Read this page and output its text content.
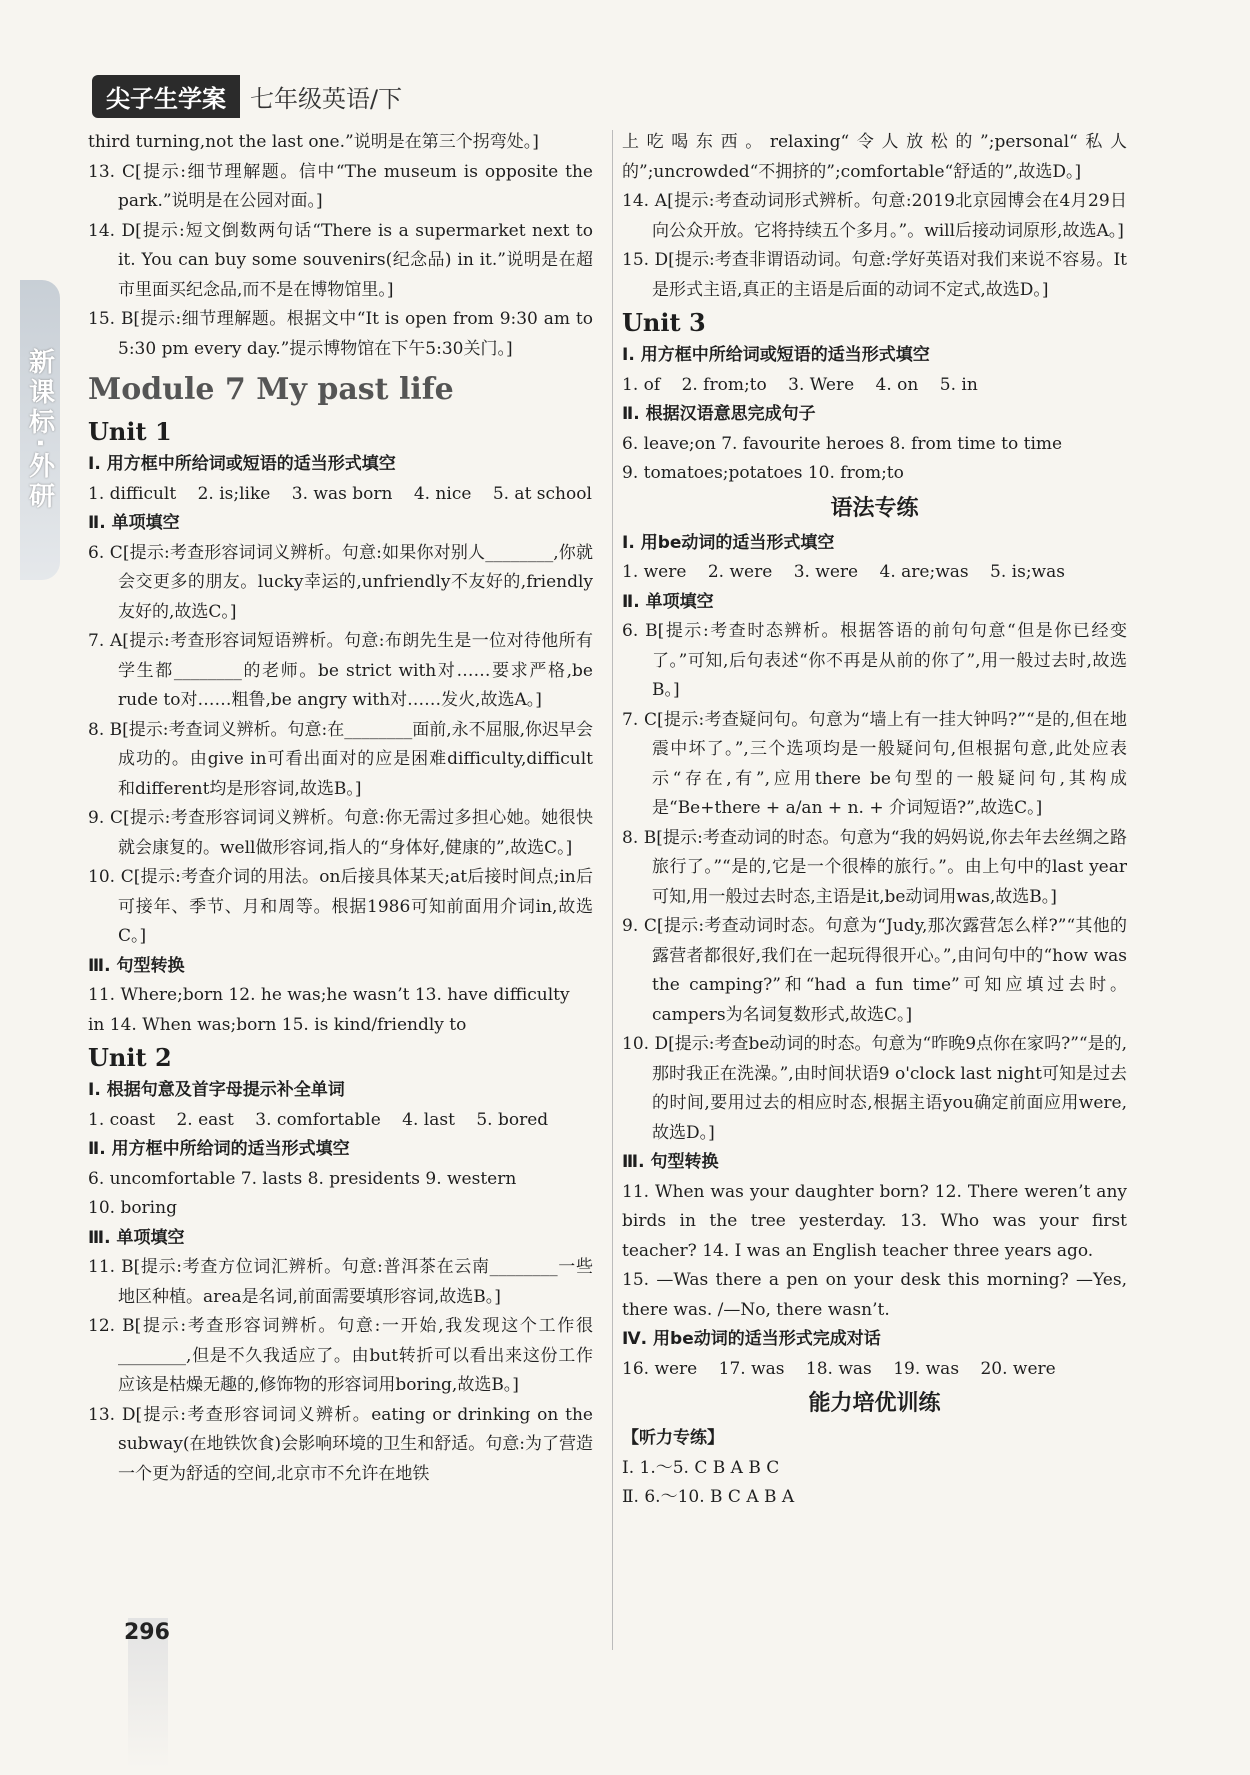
尖子生学案	七年级英语/下
新课标·外研

third turning,not the last one.”说明是在第三个拐弯处。]

13. C[提示:细节理解题。信中“The museum is opposite the park.”说明是在公园对面。]

14. D[提示:短文倒数两句话“There is a supermarket next to it. You can buy some souvenirs(纪念品) in it.”说明是在超市里面买纪念品,而不是在博物馆里。]

15. B[提示:细节理解题。根据文中“It is open from 9:30 am to 5:30 pm every day.”提示博物馆在下午5:30关门。]

Module 7 My past life

Unit 1

Ⅰ. 用方框中所给词或短语的适当形式填空

1. difficult 2. is;like 3. was born 4. nice 5. at school

Ⅱ. 单项填空

6. C[提示:考查形容词词义辨析。句意:如果你对别人________,你就会交更多的朋友。lucky幸运的,unfriendly不友好的,friendly友好的,故选C。]

7. A[提示:考查形容词短语辨析。句意:布朗先生是一位对待他所有学生都________的老师。be strict with对……要求严格,be rude to对……粗鲁,be angry with对……发火,故选A。]

8. B[提示:考查词义辨析。句意:在________面前,永不屈服,你迟早会成功的。由give in可看出面对的应是困难difficulty,difficult和different均是形容词,故选B。]

9. C[提示:考查形容词词义辨析。句意:你无需过多担心她。她很快就会康复的。well做形容词,指人的“身体好,健康的”,故选C。]

10. C[提示:考查介词的用法。on后接具体某天;at后接时间点;in后可接年、季节、月和周等。根据1986可知前面用介词in,故选C。]

Ⅲ. 句型转换

11. Where;born 12. he was;he wasn’t 13. have difficulty

in 14. When was;born 15. is kind/friendly to

Unit 2

Ⅰ. 根据句意及首字母提示补全单词

1. coast 2. east 3. comfortable 4. last 5. bored

Ⅱ. 用方框中所给词的适当形式填空

6. uncomfortable 7. lasts 8. presidents 9. western

10. boring

Ⅲ. 单项填空

11. B[提示:考查方位词汇辨析。句意:普洱茶在云南________一些地区种植。area是名词,前面需要填形容词,故选B。]

12. B[提示:考查形容词辨析。句意:一开始,我发现这个工作很________,但是不久我适应了。由but转折可以看出来这份工作应该是枯燥无趣的,修饰物的形容词用boring,故选B。]

13. D[提示:考查形容词词义辨析。eating or drinking on the subway(在地铁饮食)会影响环境的卫生和舒适。句意:为了营造一个更为舒适的空间,北京市不允许在地铁

上吃喝东西。relaxing“令人放松的”;personal“私人的”;uncrowded“不拥挤的”;comfortable“舒适的”,故选D。]

14. A[提示:考查动词形式辨析。句意:2019北京园博会在4月29日向公众开放。它将持续五个多月。”。will后接动词原形,故选A。]

15. D[提示:考查非谓语动词。句意:学好英语对我们来说不容易。It是形式主语,真正的主语是后面的动词不定式,故选D。]

Unit 3

Ⅰ. 用方框中所给词或短语的适当形式填空

1. of 2. from;to 3. Were 4. on 5. in

Ⅱ. 根据汉语意思完成句子

6. leave;on 7. favourite heroes 8. from time to time

9. tomatoes;potatoes 10. from;to

语法专练

Ⅰ. 用be动词的适当形式填空

1. were 2. were 3. were 4. are;was 5. is;was

Ⅱ. 单项填空

6. B[提示:考查时态辨析。根据答语的前句句意“但是你已经变了。”可知,后句表述“你不再是从前的你了”,用一般过去时,故选B。]

7. C[提示:考查疑问句。句意为“墙上有一挂大钟吗?”“是的,但在地震中坏了。”,三个选项均是一般疑问句,但根据句意,此处应表示“存在,有”,应用there be句型的一般疑问句,其构成是“Be+there + a/an + n. + 介词短语?”,故选C。]

8. B[提示:考查动词的时态。句意为“我的妈妈说,你去年去丝绸之路旅行了。”“是的,它是一个很棒的旅行。”。由上句中的last year可知,用一般过去时态,主语是it,be动词用was,故选B。]

9. C[提示:考查动词时态。句意为“Judy,那次露营怎么样?”“其他的露营者都很好,我们在一起玩得很开心。”,由问句中的“how was the camping?”和“had a fun time”可知应填过去时。campers为名词复数形式,故选C。]

10. D[提示:考查be动词的时态。句意为“昨晚9点你在家吗?”“是的,那时我正在洗澡。”,由时间状语9 o'clock last night可知是过去的时间,要用过去的相应时态,根据主语you确定前面应用were,故选D。]

Ⅲ. 句型转换

11. When was your daughter born? 12. There weren’t any birds in the tree yesterday. 13. Who was your first teacher? 14. I was an English teacher three years ago.

15. —Was there a pen on your desk this morning? —Yes, there was. /—No, there wasn’t.

Ⅳ. 用be动词的适当形式完成对话

16. were 17. was 18. was 19. was 20. were

能力培优训练

【听力专练】

Ⅰ. 1.～5. C B A B C

Ⅱ. 6.～10. B C A B A

296
